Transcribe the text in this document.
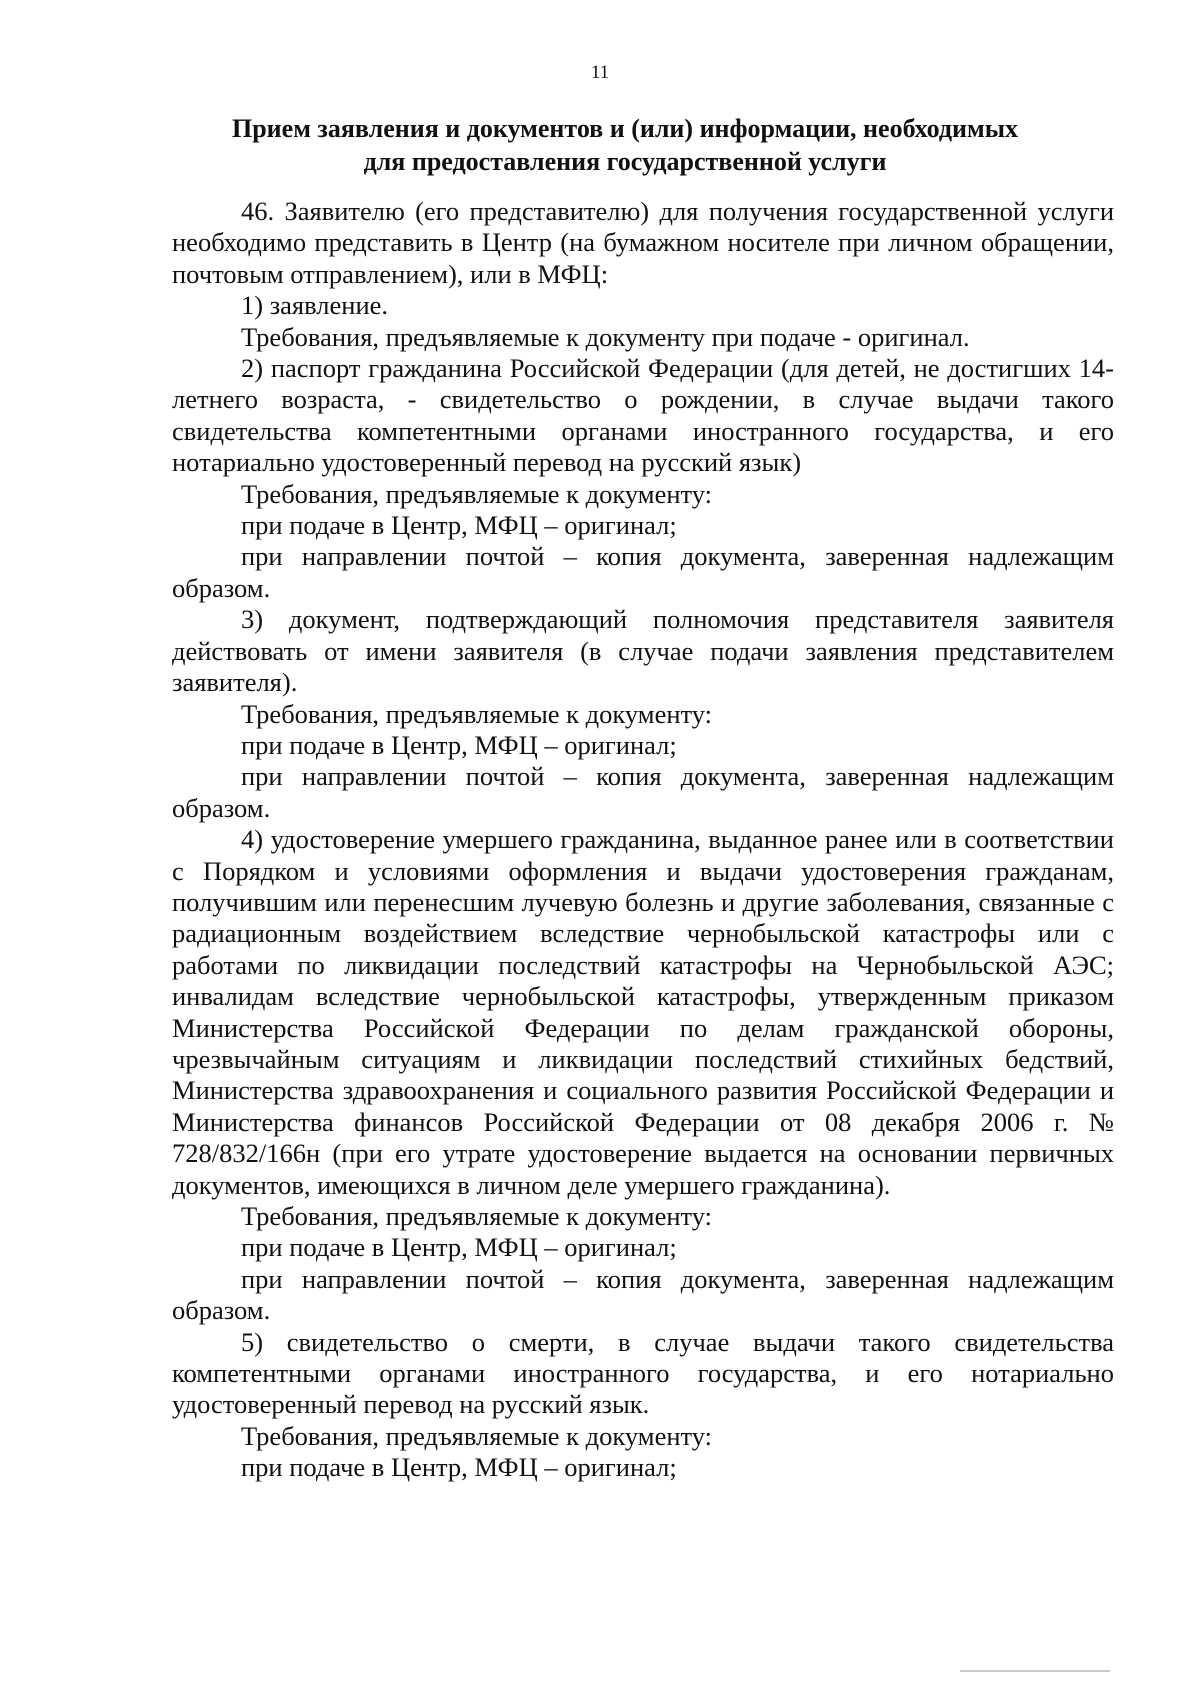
11
Прием заявления и документов и (или) информации, необходимых
для предоставления государственной услуги

46. Заявителю (его представителю) для получения государственной услуги необходимо представить в Центр (на бумажном носителе при личном обращении, почтовым отправлением), или в МФЦ:

1) заявление.

Требования, предъявляемые к документу при подаче - оригинал.

2) паспорт гражданина Российской Федерации (для детей, не достигших 14-летнего возраста, - свидетельство о рождении, в случае выдачи такого свидетельства компетентными органами иностранного государства, и его нотариально удостоверенный перевод на русский язык)

Требования, предъявляемые к документу:

при подаче в Центр, МФЦ – оригинал;

при направлении почтой – копия документа, заверенная надлежащим образом.

3) документ, подтверждающий полномочия представителя заявителя действовать от имени заявителя (в случае подачи заявления представителем заявителя).

Требования, предъявляемые к документу:

при подаче в Центр, МФЦ – оригинал;

при направлении почтой – копия документа, заверенная надлежащим образом.

4) удостоверение умершего гражданина, выданное ранее или в соответствии с Порядком и условиями оформления и выдачи удостоверения гражданам, получившим или перенесшим лучевую болезнь и другие заболевания, связанные с радиационным воздействием вследствие чернобыльской катастрофы или с работами по ликвидации последствий катастрофы на Чернобыльской АЭС; инвалидам вследствие чернобыльской катастрофы, утвержденным приказом Министерства Российской Федерации по делам гражданской обороны, чрезвычайным ситуациям и ликвидации последствий стихийных бедствий, Министерства здравоохранения и социального развития Российской Федерации и Министерства финансов Российской Федерации от 08 декабря 2006 г. № 728/832/166н (при его утрате удостоверение выдается на основании первичных документов, имеющихся в личном деле умершего гражданина).

Требования, предъявляемые к документу:

при подаче в Центр, МФЦ – оригинал;

при направлении почтой – копия документа, заверенная надлежащим образом.

5) свидетельство о смерти, в случае выдачи такого свидетельства компетентными органами иностранного государства, и его нотариально удостоверенный перевод на русский язык.

Требования, предъявляемые к документу:

при подаче в Центр, МФЦ – оригинал;
